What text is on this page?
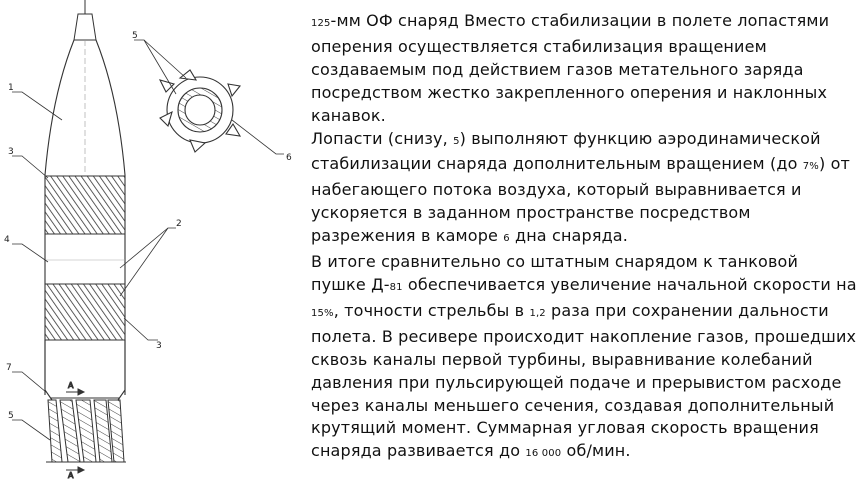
A
A
1
2
3
3
4
5
5
6
7

125-мм ОФ снаряд Вместо стабилизации в полете лопастями оперения осуществляется стабилизация вращением создаваемым под действием газов метательного заряда посредством жестко закрепленного оперения и наклонных канавок.

Лопасти (снизу, 5) выполняют функцию аэродинамической стабилизации снаряда дополнительным вращением (до 7%) от набегающего потока воздуха, который выравнивается и ускоряется в заданном пространстве посредством разрежения в каморе 6 дна снаряда.

В итоге сравнительно со штатным снарядом к танковой пушке Д-81 обеспечивается увеличение начальной скорости на 15%, точности стрельбы в 1,2 раза при сохранении дальности полета. В ресивере происходит накопление газов, прошедших сквозь каналы первой турбины, выравнивание колебаний давления при пульсирующей подаче и прерывистом расходе через каналы меньшего сечения, создавая дополнительный крутящий момент. Суммарная угловая скорость вращения снаряда развивается до 16 000 об/мин.
